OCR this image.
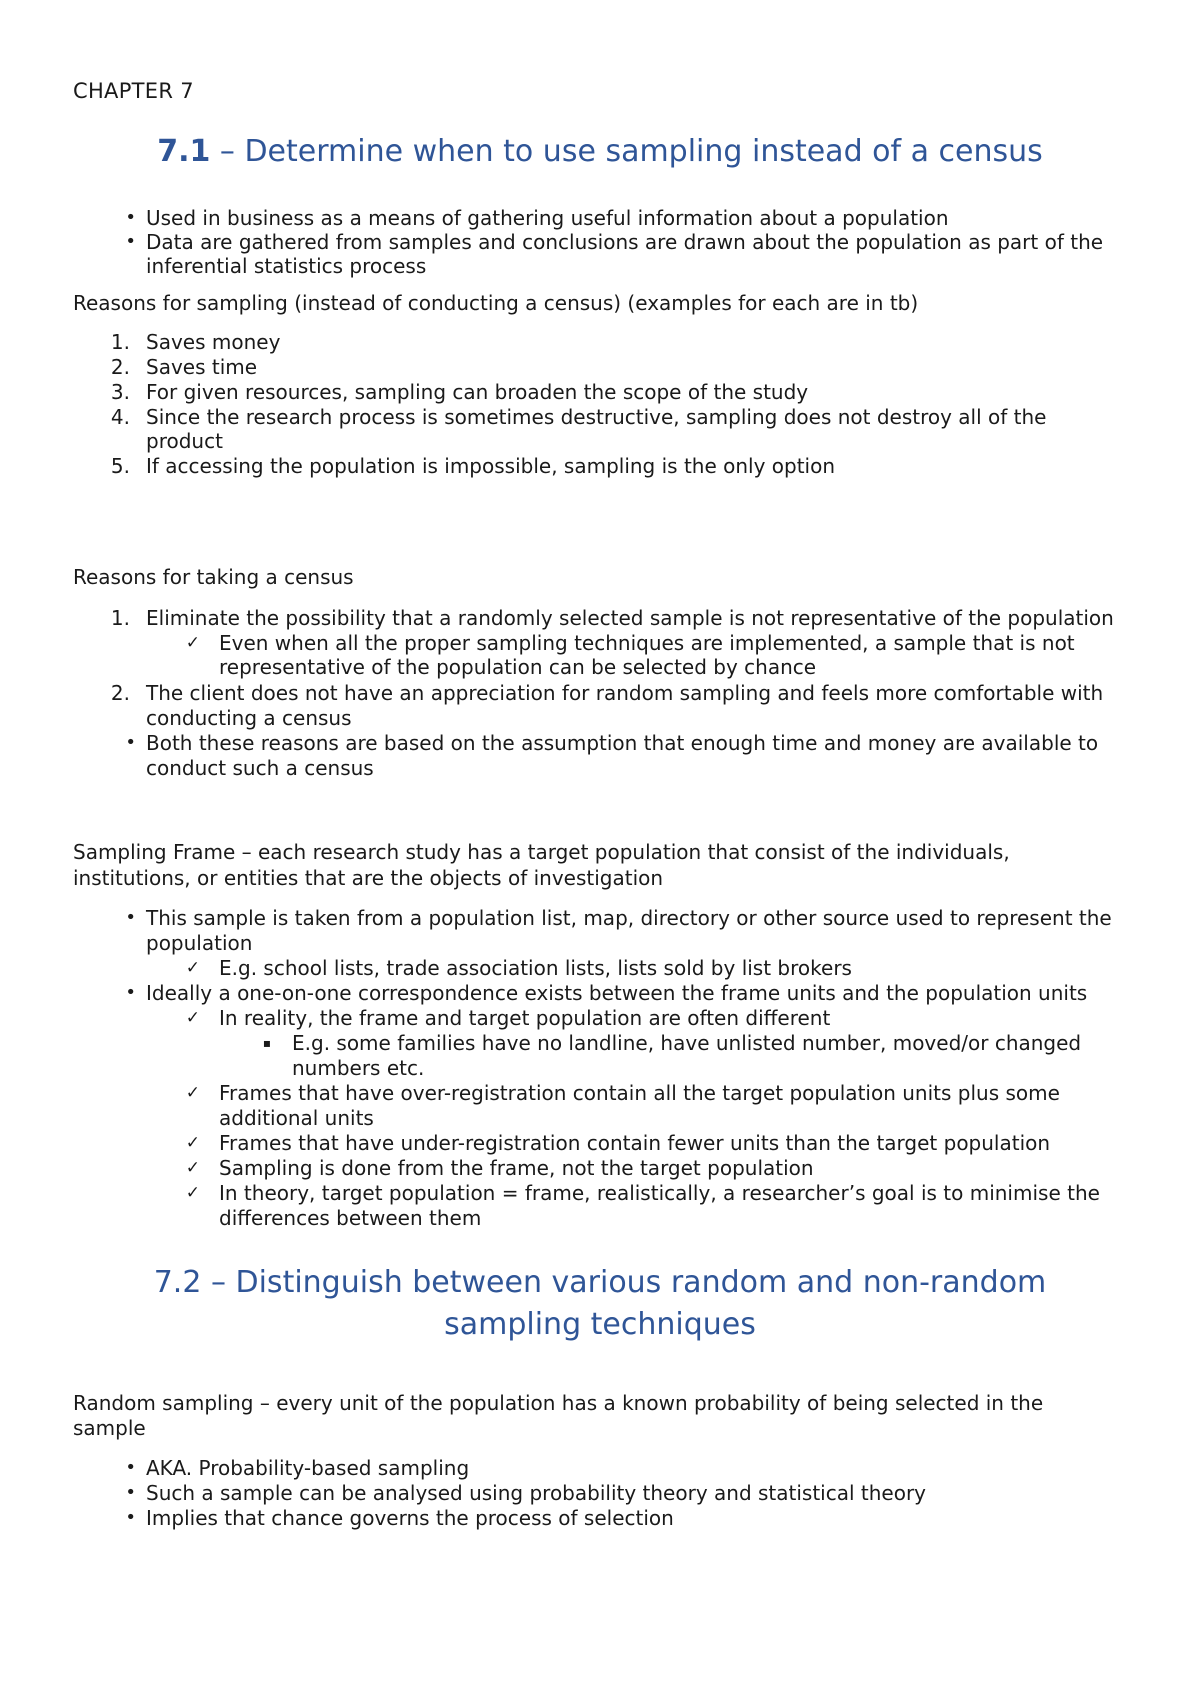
CHAPTER 7
7.1 – Determine when to use sampling instead of a census
• Used in business as a means of gathering useful information about a population
• Data are gathered from samples and conclusions are drawn about the population as part of the
inferential statistics process
Reasons for sampling (instead of conducting a census) (examples for each are in tb)
1. Saves money
2. Saves time
3. For given resources, sampling can broaden the scope of the study
4. Since the research process is sometimes destructive, sampling does not destroy all of the
product
5. If accessing the population is impossible, sampling is the only option
Reasons for taking a census
1. Eliminate the possibility that a randomly selected sample is not representative of the population
✓ Even when all the proper sampling techniques are implemented, a sample that is not
representative of the population can be selected by chance
2. The client does not have an appreciation for random sampling and feels more comfortable with
conducting a census
• Both these reasons are based on the assumption that enough time and money are available to
conduct such a census
Sampling Frame – each research study has a target population that consist of the individuals,
institutions, or entities that are the objects of investigation
• This sample is taken from a population list, map, directory or other source used to represent the
population
✓ E.g. school lists, trade association lists, lists sold by list brokers
• Ideally a one-on-one correspondence exists between the frame units and the population units
✓ In reality, the frame and target population are often different
▪ E.g. some families have no landline, have unlisted number, moved/or changed
numbers etc.
✓ Frames that have over-registration contain all the target population units plus some
additional units
✓ Frames that have under-registration contain fewer units than the target population
✓ Sampling is done from the frame, not the target population
✓ In theory, target population = frame, realistically, a researcher’s goal is to minimise the
differences between them
7.2 – Distinguish between various random and non-random
sampling techniques
Random sampling – every unit of the population has a known probability of being selected in the
sample
• AKA. Probability-based sampling
• Such a sample can be analysed using probability theory and statistical theory
• Implies that chance governs the process of selection
